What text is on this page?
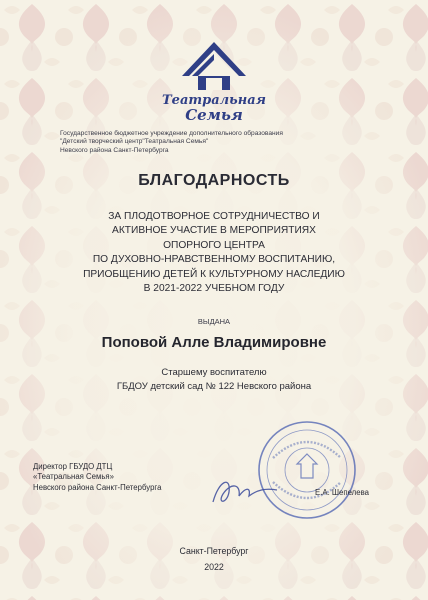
Театральная
Семья
Государственное бюджетное учреждение дополнительного образования
"Детский творческий центр"Театральная Семья"
Невского района Санкт-Петербурга
БЛАГОДАРНОСТЬ
ЗА ПЛОДОТВОРНОЕ СОТРУДНИЧЕСТВО И
АКТИВНОЕ УЧАСТИЕ В МЕРОПРИЯТИЯХ
ОПОРНОГО ЦЕНТРА
ПО ДУХОВНО-НРАВСТВЕННОМУ ВОСПИТАНИЮ,
ПРИОБЩЕНИЮ ДЕТЕЙ К КУЛЬТУРНОМУ НАСЛЕДИЮ
В 2021-2022 УЧЕБНОМ ГОДУ
ВЫДАНА
Поповой Алле Владимировне
Старшему воспитателю
ГБДОУ детский сад № 122 Невского района
Директор ГБУДО ДТЦ
«Театральная Семья»
Невского района Санкт-Петербурга
Е.А. Шепелева
Санкт-Петербург
2022
